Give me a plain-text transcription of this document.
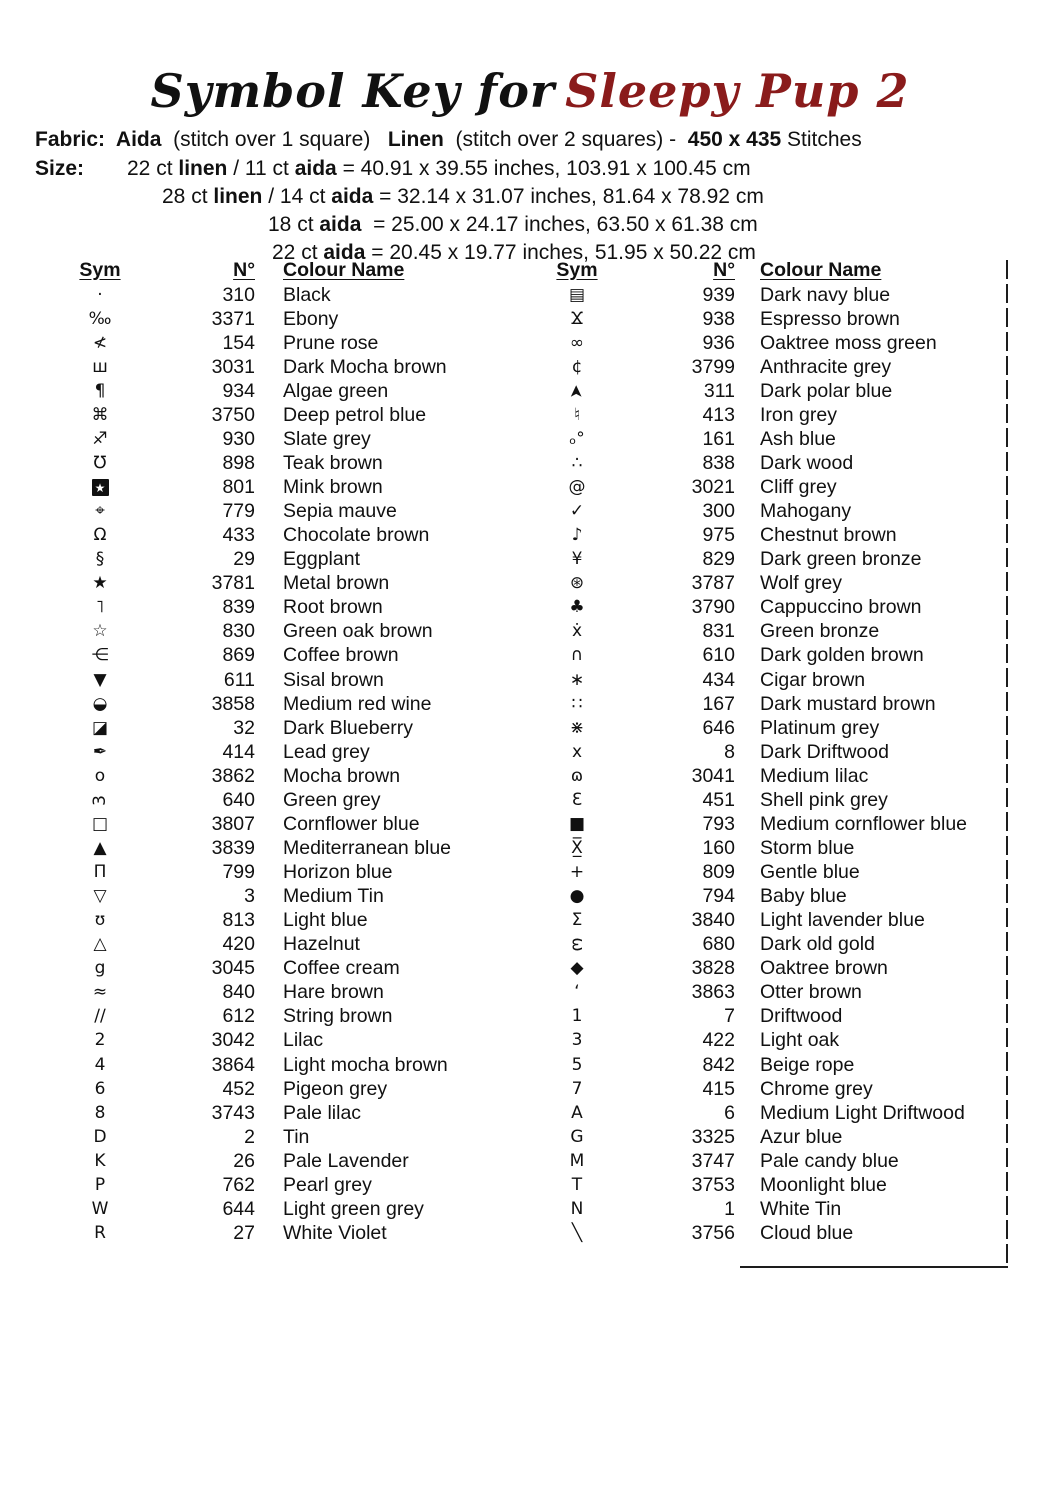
Symbol Key for Sleepy Pup 2
Fabric:  Aida  (stitch over 1 square)   Linen  (stitch over 2 squares) -  450 x 435 Stitches
Size: 22 ct linen / 11 ct aida = 40.91 x 39.55 inches, 103.91 x 100.45 cm
28 ct linen / 14 ct aida = 32.14 x 31.07 inches, 81.64 x 78.92 cm
18 ct aida  = 25.00 x 24.17 inches, 63.50 x 61.38 cm
22 ct aida = 20.45 x 19.77 inches, 51.95 x 50.22 cm
Sym	N°	Colour Name	Sym	N°	Colour Name
·	310	Black
‰	3371	Ebony
≮	154	Prune rose
ш	3031	Dark Mocha brown
¶	934	Algae green
⌘	3750	Deep petrol blue
♐	930	Slate grey
℧	898	Teak brown
★	801	Mink brown
⌖	779	Sepia mauve
Ω	433	Chocolate brown
§	29	Eggplant
★	3781	Metal brown
˥	839	Root brown
☆	830	Green oak brown
⋲	869	Coffee brown
▼	611	Sisal brown
◒	3858	Medium red wine
◪	32	Dark Blueberry
✒	414	Lead grey
o	3862	Mocha brown
3	640	Green grey
□	3807	Cornflower blue
▲	3839	Mediterranean blue
Π	799	Horizon blue
▽	3	Medium Tin
ʊ	813	Light blue
△	420	Hazelnut
g	3045	Coffee cream
≈	840	Hare brown
∕∕	612	String brown
2	3042	Lilac
4	3864	Light mocha brown
6	452	Pigeon grey
8	3743	Pale lilac
D	2	Tin
K	26	Pale Lavender
P	762	Pearl grey
W	644	Light green grey
R	27	White Violet
▤	939	Dark navy blue
Ϫ	938	Espresso brown
∞	936	Oaktree moss green
¢	3799	Anthracite grey
➤	311	Dark polar blue
♮	413	Iron grey
ₒ°	161	Ash blue
∴	838	Dark wood
@	3021	Cliff grey
✓	300	Mahogany
♪	975	Chestnut brown
¥	829	Dark green bronze
⊛	3787	Wolf grey
♣	3790	Cappuccino brown
ẋ	831	Green bronze
∩	610	Dark golden brown
∗	434	Cigar brown
∷	167	Dark mustard brown
⋇	646	Platinum grey
x	8	Dark Driftwood
ɷ	3041	Medium lilac
Ɛ	451	Shell pink grey
■	793	Medium cornflower blue
X̲̅	160	Storm blue
+	809	Gentle blue
●	794	Baby blue
Σ	3840	Light lavender blue
ω	680	Dark old gold
◆	3828	Oaktree brown
‘	3863	Otter brown
1	7	Driftwood
3	422	Light oak
5	842	Beige rope
7	415	Chrome grey
A	6	Medium Light Driftwood
G	3325	Azur blue
M	3747	Pale candy blue
T	3753	Moonlight blue
N	1	White Tin
╲	3756	Cloud blue
